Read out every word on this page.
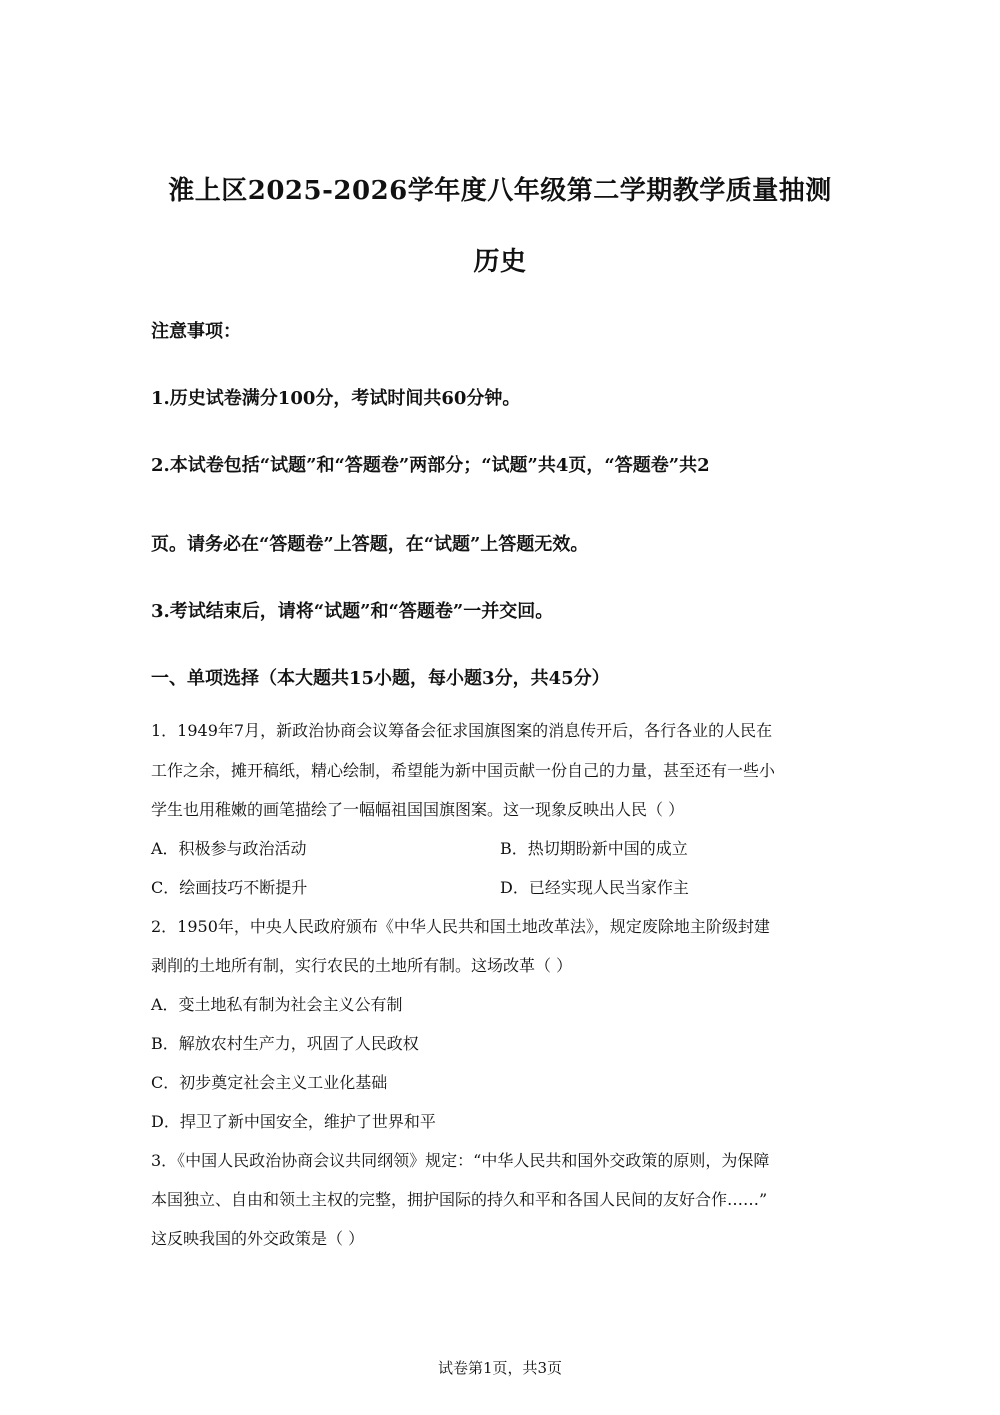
淮上区2025-2026学年度八年级第二学期教学质量抽测
历史

注意事项：

1.历史试卷满分100分，考试时间共60分钟。

2.本试卷包括“试题”和“答题卷”两部分；“试题”共4页，“答题卷”共2

页。请务必在“答题卷”上答题，在“试题”上答题无效。

3.考试结束后，请将“试题”和“答题卷”一并交回。

一、单项选择（本大题共15小题，每小题3分，共45分）

1．1949年7月，新政治协商会议筹备会征求国旗图案的消息传开后，各行各业的人民在

工作之余，摊开稿纸，精心绘制，希望能为新中国贡献一份自己的力量，甚至还有一些小

学生也用稚嫩的画笔描绘了一幅幅祖国国旗图案。这一现象反映出人民（ ）

A．积极参与政治活动	B．热切期盼新中国的成立
C．绘画技巧不断提升	D．已经实现人民当家作主

2．1950年，中央人民政府颁布《中华人民共和国土地改革法》，规定废除地主阶级封建

剥削的土地所有制，实行农民的土地所有制。这场改革（ ）

A．变土地私有制为社会主义公有制
B．解放农村生产力，巩固了人民政权
C．初步奠定社会主义工业化基础
D．捍卫了新中国安全，维护了世界和平

3．《中国人民政治协商会议共同纲领》规定：“中华人民共和国外交政策的原则，为保障

本国独立、自由和领土主权的完整，拥护国际的持久和平和各国人民间的友好合作……”

这反映我国的外交政策是（ ）

试卷第1页，共3页
